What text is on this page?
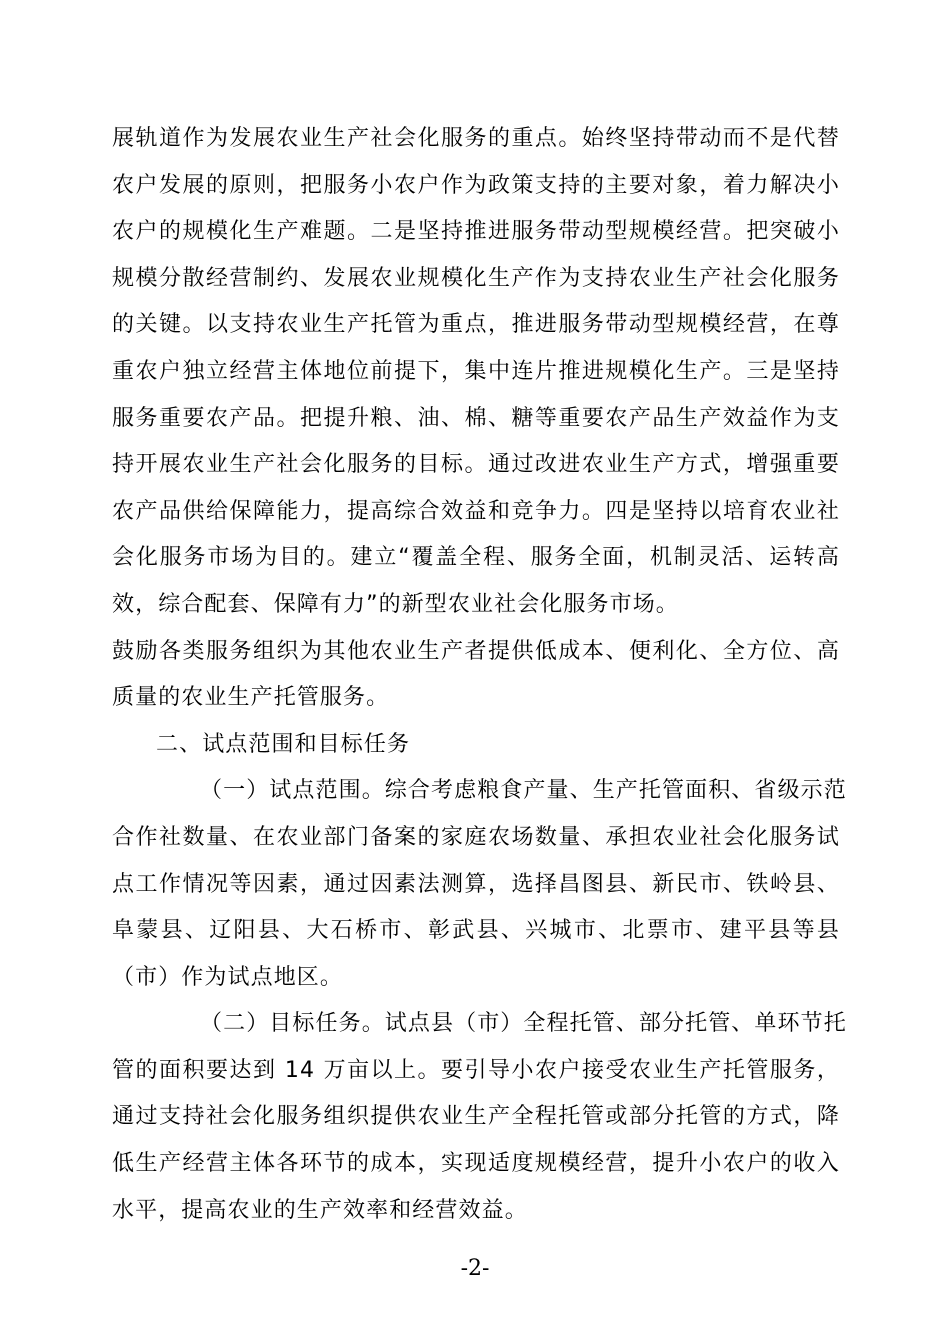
展轨道作为发展农业生产社会化服务的重点。始终坚持带动而不是代替
农户发展的原则，把服务小农户作为政策支持的主要对象，着力解决小
农户的规模化生产难题。二是坚持推进服务带动型规模经营。把突破小
规模分散经营制约、发展农业规模化生产作为支持农业生产社会化服务
的关键。以支持农业生产托管为重点，推进服务带动型规模经营，在尊
重农户独立经营主体地位前提下，集中连片推进规模化生产。三是坚持
服务重要农产品。把提升粮、油、棉、糖等重要农产品生产效益作为支
持开展农业生产社会化服务的目标。通过改进农业生产方式，增强重要
农产品供给保障能力，提高综合效益和竞争力。四是坚持以培育农业社
会化服务市场为目的。建立“覆盖全程、服务全面，机制灵活、运转高
效，综合配套、保障有力”的新型农业社会化服务市场。
鼓励各类服务组织为其他农业生产者提供低成本、便利化、全方位、高
质量的农业生产托管服务。
二、试点范围和目标任务
（一）试点范围。综合考虑粮食产量、生产托管面积、省级示范
合作社数量、在农业部门备案的家庭农场数量、承担农业社会化服务试
点工作情况等因素，通过因素法测算，选择昌图县、新民市、铁岭县、
阜蒙县、辽阳县、大石桥市、彰武县、兴城市、北票市、建平县等县
（市）作为试点地区。
（二）目标任务。试点县（市）全程托管、部分托管、单环节托
管的面积要达到 14 万亩以上。要引导小农户接受农业生产托管服务，
通过支持社会化服务组织提供农业生产全程托管或部分托管的方式，降
低生产经营主体各环节的成本，实现适度规模经营，提升小农户的收入
水平，提高农业的生产效率和经营效益。
-2-
